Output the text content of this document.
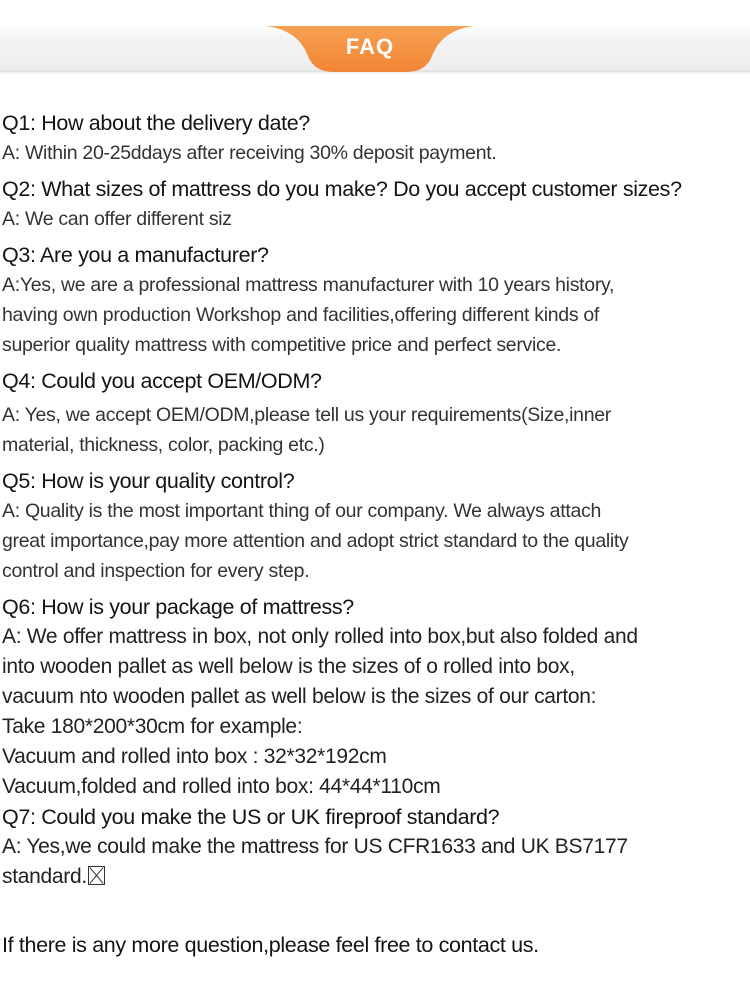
FAQ
Q1: How about the delivery date?
A: Within 20-25ddays after receiving 30% deposit payment.
Q2: What sizes of mattress do you make? Do you accept customer sizes?
A: We can offer different siz
Q3: Are you a manufacturer?
A:Yes, we are a professional mattress manufacturer with 10 years history,
having own production Workshop and facilities,offering different kinds of
superior quality mattress with competitive price and perfect service.
Q4: Could you accept OEM/ODM?
A: Yes, we accept OEM/ODM,please tell us your requirements(Size,inner
material, thickness, color, packing etc.)
Q5: How is your quality control?
A: Quality is the most important thing of our company. We always attach
great importance,pay more attention and adopt strict standard to the quality
control and inspection for every step.
Q6: How is your package of mattress?
A: We offer mattress in box, not only rolled into box,but also folded and
into wooden pallet as well below is the sizes of o rolled into box,
vacuum nto wooden pallet as well below is the sizes of our carton:
Take 180*200*30cm for example:
Vacuum and rolled into box : 32*32*192cm
Vacuum,folded and rolled into box: 44*44*110cm
Q7: Could you make the US or UK fireproof standard?
A: Yes,we could make the mattress for US CFR1633 and UK BS7177
standard.
If there is any more question,please feel free to contact us.
